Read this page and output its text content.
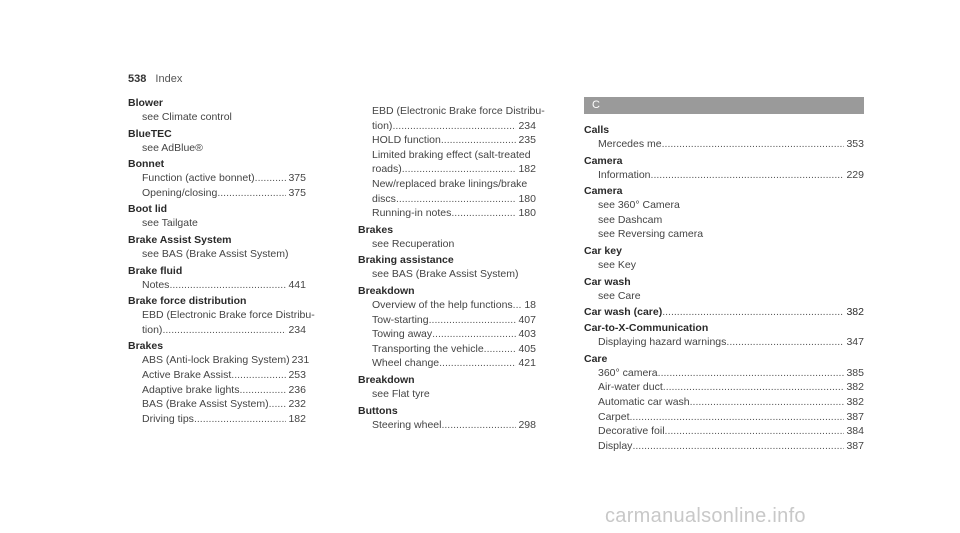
538 Index
Blower
see Climate control
BlueTEC
see AdBlue®
Bonnet
Function (active bonnet) .....	375
Opening/closing .....	375
Boot lid
see Tailgate
Brake Assist System
see BAS (Brake Assist System)
Brake fluid
Notes .....	441
Brake force distribution
EBD (Electronic Brake force Distribu-
tion) .....	234
Brakes
ABS (Anti-lock Braking System) 231
Active Brake Assist .....	253
Adaptive brake lights .....	236
BAS (Brake Assist System) ..... 232
Driving tips .....	182
EBD (Electronic Brake force Distribu-
tion) .....	234
HOLD function .....	235
Limited braking effect (salt-treated
roads) .....	182
New/replaced brake linings/brake
discs .....	180
Running-in notes .....	180
Brakes
see Recuperation
Braking assistance
see BAS (Brake Assist System)
Breakdown
Overview of the help functions ..... 18
Tow-starting .....	407
Towing away .....	403
Transporting the vehicle .....	405
Wheel change .....	421
Breakdown
see Flat tyre
Buttons
Steering wheel .....	298
C
Calls
Mercedes me .....	353
Camera
Information .....	229
Camera
see 360° Camera
see Dashcam
see Reversing camera
Car key
see Key
Car wash
see Care
Car wash (care) .....	382
Car-to-X-Communication
Displaying hazard warnings .....	347
Care
360° camera .....	385
Air-water duct .....	382
Automatic car wash .....	382
Carpet .....	387
Decorative foil .....	384
Display .....	387
carmanualsonline.info
